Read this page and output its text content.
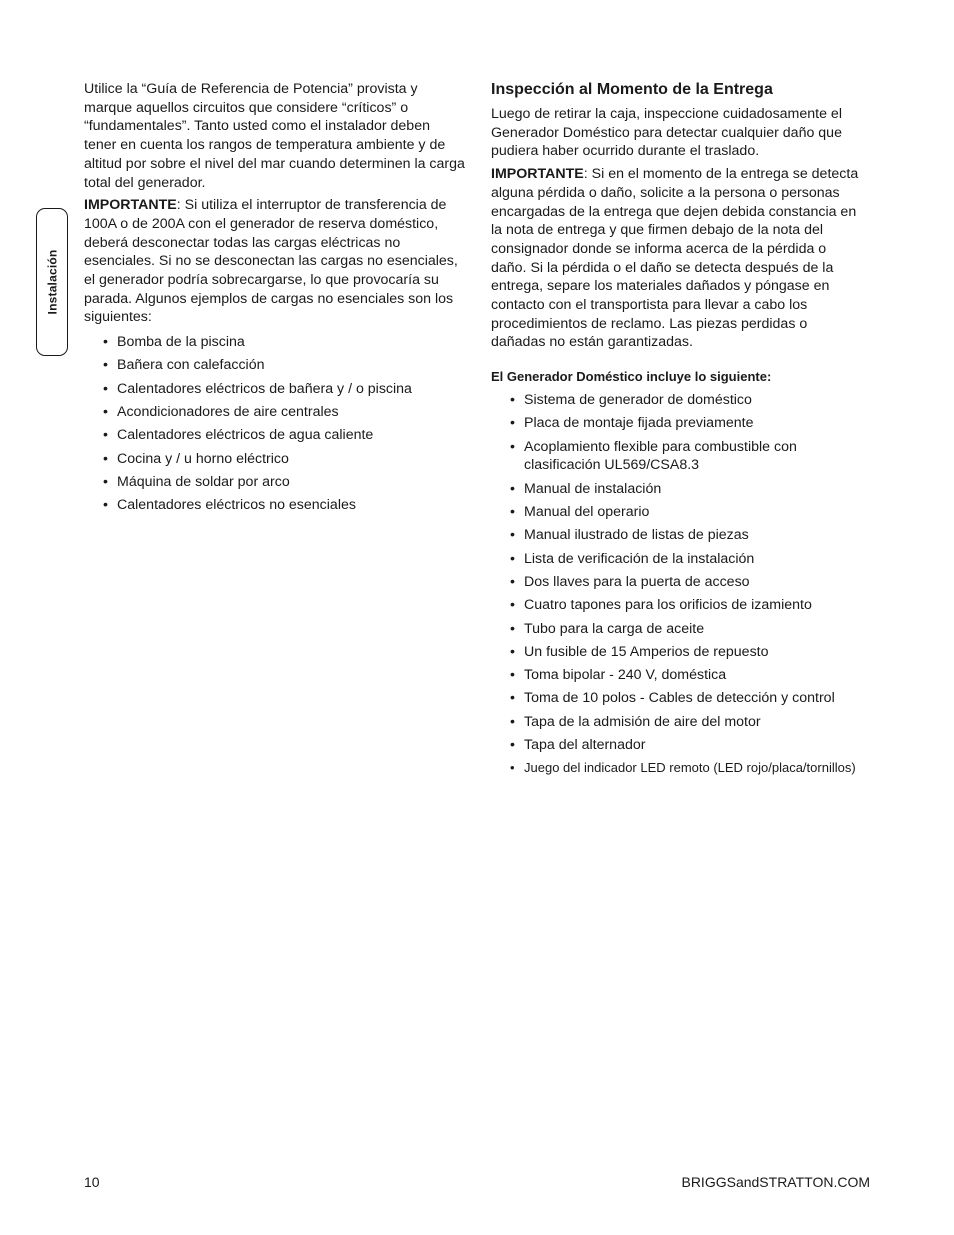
Instalación

Utilice la “Guía de Referencia de Potencia” provista y marque aquellos circuitos que considere “críticos” o “fundamentales”. Tanto usted como el instalador deben tener en cuenta los rangos de temperatura ambiente y de altitud por sobre el nivel del mar cuando determinen la carga total del generador.

IMPORTANTE: Si utiliza el interruptor de transferencia de 100A o de 200A con el generador de reserva doméstico, deberá desconectar todas las cargas eléctricas no esenciales. Si no se desconectan las cargas no esenciales, el generador podría sobrecargarse, lo que provocaría su parada. Algunos ejemplos de cargas no esenciales son los siguientes:

• Bomba de la piscina
• Bañera con calefacción
• Calentadores eléctricos de bañera y / o piscina
• Acondicionadores de aire centrales
• Calentadores eléctricos de agua caliente
• Cocina y / u horno eléctrico
• Máquina de soldar por arco
• Calentadores eléctricos no esenciales
Inspección al Momento de la Entrega

Luego de retirar la caja, inspeccione cuidadosamente el Generador Doméstico para detectar cualquier daño que pudiera haber ocurrido durante el traslado.

IMPORTANTE: Si en el momento de la entrega se detecta alguna pérdida o daño, solicite a la persona o personas encargadas de la entrega que dejen debida constancia en la nota de entrega y que firmen debajo de la nota del consignador donde se informa acerca de la pérdida o daño. Si la pérdida o el daño se detecta después de la entrega, separe los materiales dañados y póngase en contacto con el transportista para llevar a cabo los procedimientos de reclamo. Las piezas perdidas o dañadas no están garantizadas.

El Generador Doméstico incluye lo siguiente:
• Sistema de generador de doméstico
• Placa de montaje fijada previamente
• Acoplamiento flexible para combustible con clasificación UL569/CSA8.3
• Manual de instalación
• Manual del operario
• Manual ilustrado de listas de piezas
• Lista de verificación de la instalación
• Dos llaves para la puerta de acceso
• Cuatro tapones para los orificios de izamiento
• Tubo para la carga de aceite
• Un fusible de 15 Amperios de repuesto
• Toma bipolar - 240 V, doméstica
• Toma de 10 polos - Cables de detección y control
• Tapa de la admisión de aire del motor
• Tapa del alternador
• Juego del indicador LED remoto (LED rojo/placa/tornillos)
10	BRIGGSandSTRATTON.COM
